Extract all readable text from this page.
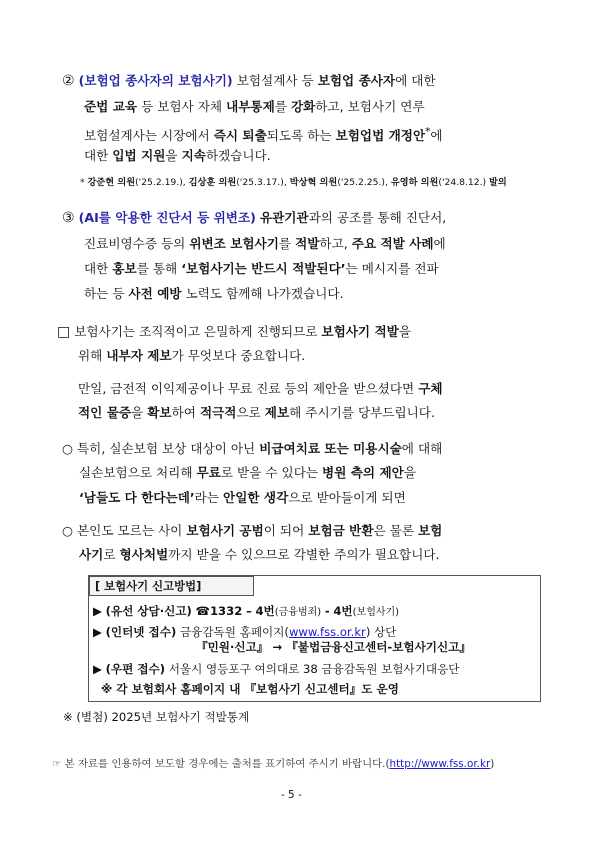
② (보험업 종사자의 보험사기) 보험설계사 등 보험업 종사자에 대한
준법 교육 등 보험사 자체 내부통제를 강화하고, 보험사기 연루
보험설계사는 시장에서 즉시 퇴출되도록 하는 보험업법 개정안*에
대한 입법 지원을 지속하겠습니다.
* 강준현 의원('25.2.19.), 김상훈 의원('25.3.17.), 박상혁 의원('25.2.25.), 유영하 의원('24.8.12.) 발의
③ (AI를 악용한 진단서 등 위변조) 유관기관과의 공조를 통해 진단서,
진료비영수증 등의 위변조 보험사기를 적발하고, 주요 적발 사례에
대한 홍보를 통해 ‘보험사기는 반드시 적발된다’는 메시지를 전파
하는 등 사전 예방 노력도 함께해 나가겠습니다.
□ 보험사기는 조직적이고 은밀하게 진행되므로 보험사기 적발을
위해 내부자 제보가 무엇보다 중요합니다.
만일, 금전적 이익제공이나 무료 진료 등의 제안을 받으셨다면 구체
적인 물증을 확보하여 적극적으로 제보해 주시기를 당부드립니다.
○ 특히, 실손보험 보상 대상이 아닌 비급여치료 또는 미용시술에 대해
실손보험으로 처리해 무료로 받을 수 있다는 병원 측의 제안을
‘남들도 다 한다는데’라는 안일한 생각으로 받아들이게 되면
○ 본인도 모르는 사이 보험사기 공범이 되어 보험금 반환은 물론 보험
사기로 형사처벌까지 받을 수 있으므로 각별한 주의가 필요합니다.
[ 보험사기 신고방법]
▶ (유선 상담·신고) ☎1332 – 4번(금융범죄) - 4번(보험사기)
▶ (인터넷 접수) 금융감독원 홈페이지(www.fss.or.kr) 상단
『민원·신고』 → 『불법금융신고센터-보험사기신고』
▶ (우편 접수) 서울시 영등포구 여의대로 38 금융감독원 보험사기대응단
※ 각 보험회사 홈페이지 내 『보험사기 신고센터』도 운영
※ (별첨) 2025년 보험사기 적발통계
☞ 본 자료를 인용하여 보도할 경우에는 출처를 표기하여 주시기 바랍니다.(http://www.fss.or.kr)
- 5 -
